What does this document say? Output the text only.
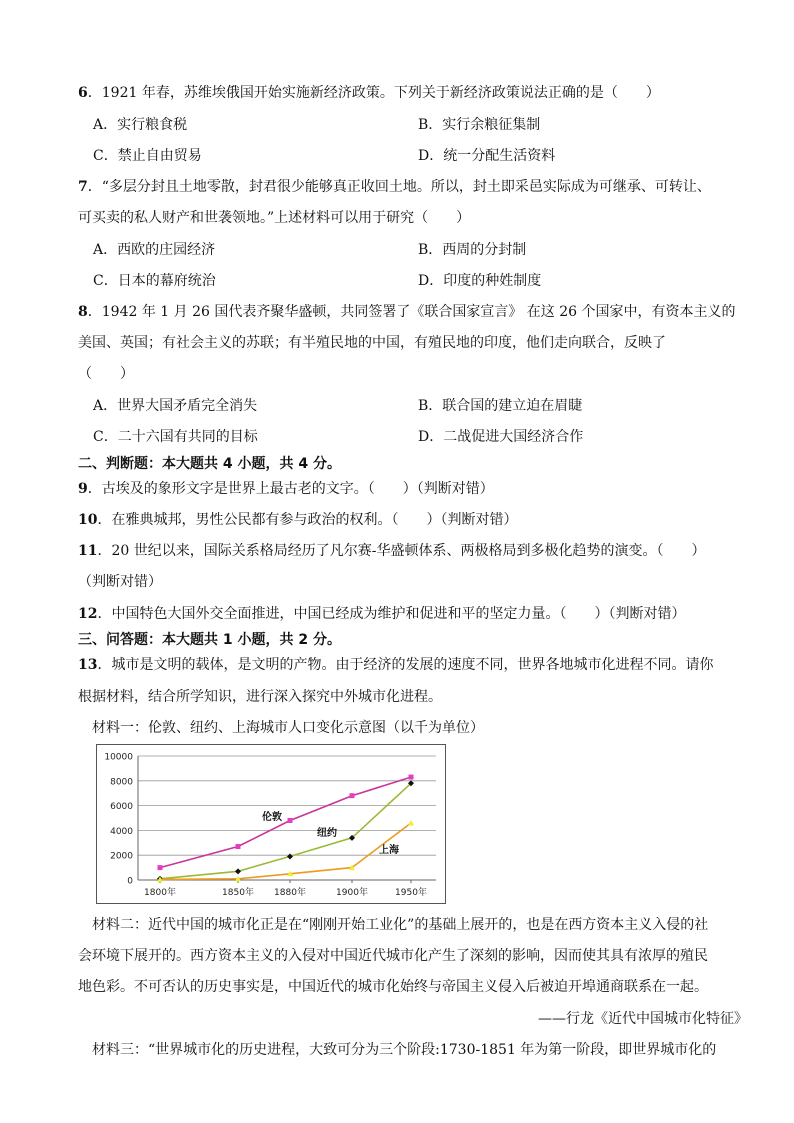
6．1921 年春，苏维埃俄国开始实施新经济政策。下列关于新经济政策说法正确的是（　　）
A．实行粮食税	B．实行余粮征集制
C．禁止自由贸易	D．统一分配生活资料
7．“多层分封且土地零散，封君很少能够真正收回土地。所以，封土即采邑实际成为可继承、可转让、
可买卖的私人财产和世袭领地。”上述材料可以用于研究（　　）
A．西欧的庄园经济	B．西周的分封制
C．日本的幕府统治	D．印度的种姓制度
8．1942 年 1 月 26 国代表齐聚华盛顿，共同签署了《联合国家宣言》 在这 26 个国家中，有资本主义的
美国、英国；有社会主义的苏联；有半殖民地的中国，有殖民地的印度，他们走向联合，反映了
（　　）
A．世界大国矛盾完全消失	B．联合国的建立迫在眉睫
C．二十六国有共同的目标	D．二战促进大国经济合作
二、判断题：本大题共 4 小题，共 4 分。
9．古埃及的象形文字是世界上最古老的文字。（　　）（判断对错）
10．在雅典城邦，男性公民都有参与政治的权利。（　　）（判断对错）
11．20 世纪以来，国际关系格局经历了凡尔赛-华盛顿体系、两极格局到多极化趋势的演变。（　　）
（判断对错）
12．中国特色大国外交全面推进，中国已经成为维护和促进和平的坚定力量。（　　）（判断对错）
三、问答题：本大题共 1 小题，共 2 分。
13．城市是文明的载体，是文明的产物。由于经济的发展的速度不同，世界各地城市化进程不同。请你
根据材料，结合所学知识，进行深入探究中外城市化进程。
材料一：伦敦、纽约、上海城市人口变化示意图（以千为单位）
0
2000
4000
6000
8000
10000
1800年	1850年 1880年	1900年	1950年
伦敦
纽约
上海
材料二：近代中国的城市化正是在“刚刚开始工业化”的基础上展开的，也是在西方资本主义入侵的社
会环境下展开的。西方资本主义的入侵对中国近代城市化产生了深刻的影响，因而使其具有浓厚的殖民
地色彩。不可否认的历史事实是，中国近代的城市化始终与帝国主义侵入后被迫开埠通商联系在一起。
——行龙《近代中国城市化特征》
材料三：“世界城市化的历史进程，大致可分为三个阶段:1730-1851 年为第一阶段，即世界城市化的
